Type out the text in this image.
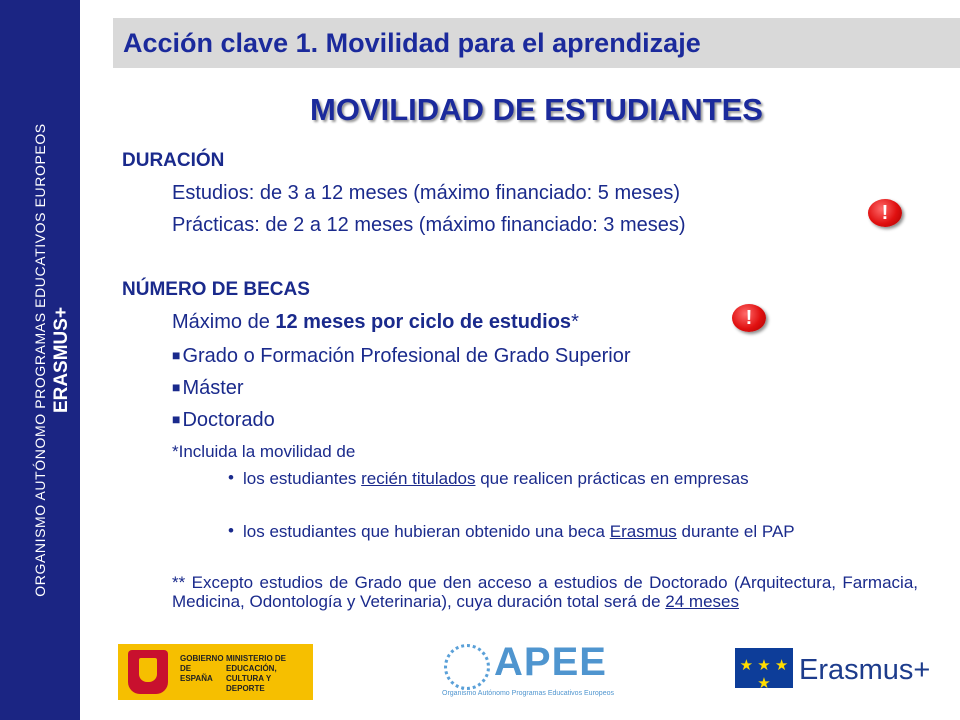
ORGANISMO AUTÓNOMO PROGRAMAS EDUCATIVOS EUROPEOS ERASMUS+
Acción clave 1. Movilidad para el aprendizaje
MOVILIDAD DE ESTUDIANTES
DURACIÓN
Estudios: de 3 a 12 meses (máximo financiado: 5 meses)
Prácticas: de 2 a 12 meses (máximo financiado: 3 meses)
!
NÚMERO DE BECAS
Máximo de 12 meses por ciclo de estudios*	!
■ Grado o Formación Profesional de Grado Superior
■ Máster
■ Doctorado
*Incluida la movilidad de
• los estudiantes recién titulados que realicen prácticas en empresas
• los estudiantes que hubieran obtenido una beca Erasmus durante el PAP
** Excepto estudios de Grado que den acceso a estudios de Doctorado (Arquitectura, Farmacia, Medicina, Odontología y Veterinaria), cuya duración total será de 24 meses
GOBIERNO DE ESPAÑA
MINISTERIO DE EDUCACIÓN, CULTURA Y DEPORTE
APEE
Organismo Autónomo Programas Educativos Europeos
★ ★ ★ ★ Erasmus+
